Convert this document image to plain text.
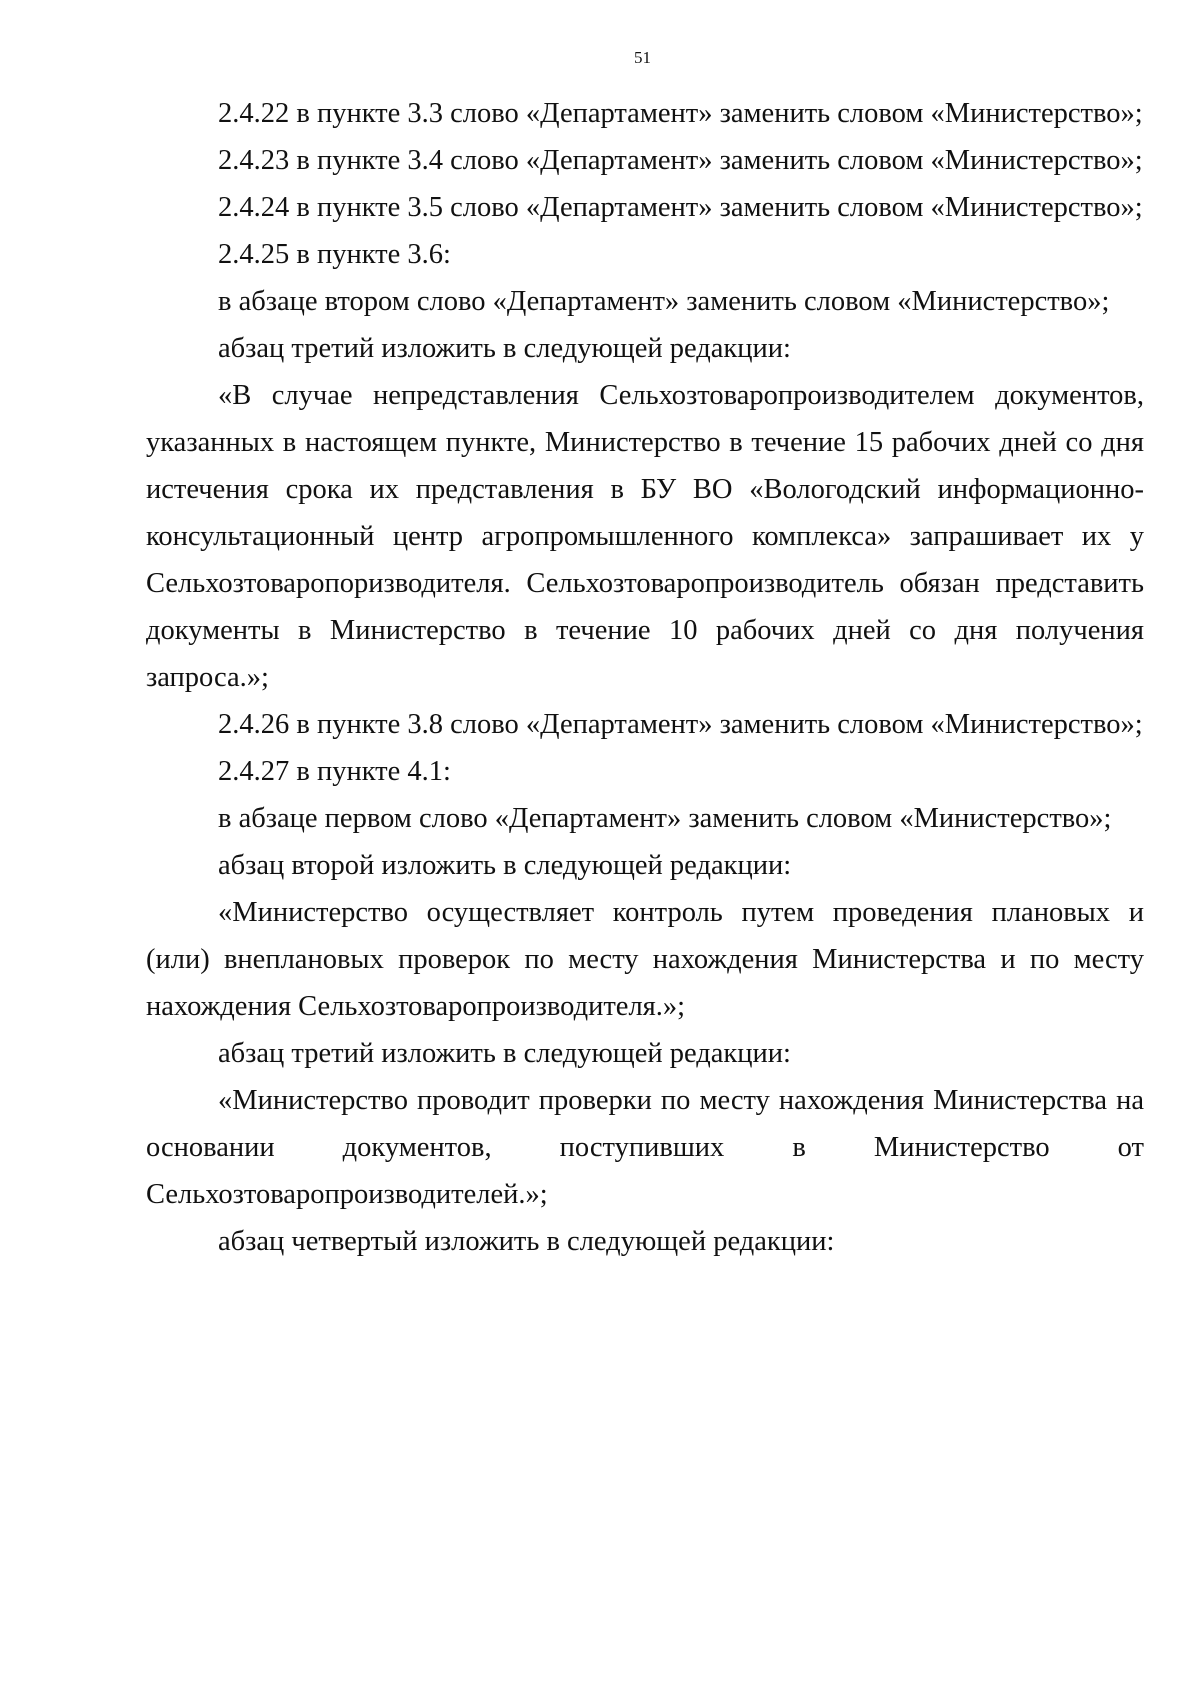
51

2.4.22 в пункте 3.3 слово «Департамент» заменить словом «Министерство»;

2.4.23 в пункте 3.4 слово «Департамент» заменить словом «Министерство»;

2.4.24 в пункте 3.5 слово «Департамент» заменить словом «Министерство»;

2.4.25 в пункте 3.6:

в абзаце втором слово «Департамент» заменить словом «Министерство»;

абзац третий изложить в следующей редакции:

«В случае непредставления Сельхозтоваропроизводителем документов, указанных в настоящем пункте, Министерство в течение 15 рабочих дней со дня истечения срока их представления в БУ ВО «Вологодский информационно-консультационный центр агропромышленного комплекса» запрашивает их у Сельхозтоваропоризводителя. Сельхозтоваропроизводитель обязан представить документы в Министерство в течение 10 рабочих дней со дня получения запроса.»;

2.4.26 в пункте 3.8 слово «Департамент» заменить словом «Министерство»;

2.4.27 в пункте 4.1:

в абзаце первом слово «Департамент» заменить словом «Министерство»;

абзац второй изложить в следующей редакции:

«Министерство осуществляет контроль путем проведения плановых и (или) внеплановых проверок по месту нахождения Министерства и по месту нахождения Сельхозтоваропроизводителя.»;

абзац третий изложить в следующей редакции:

«Министерство проводит проверки по месту нахождения Министерства на основании документов, поступивших в Министерство от Сельхозтоваропроизводителей.»;

абзац четвертый изложить в следующей редакции:
